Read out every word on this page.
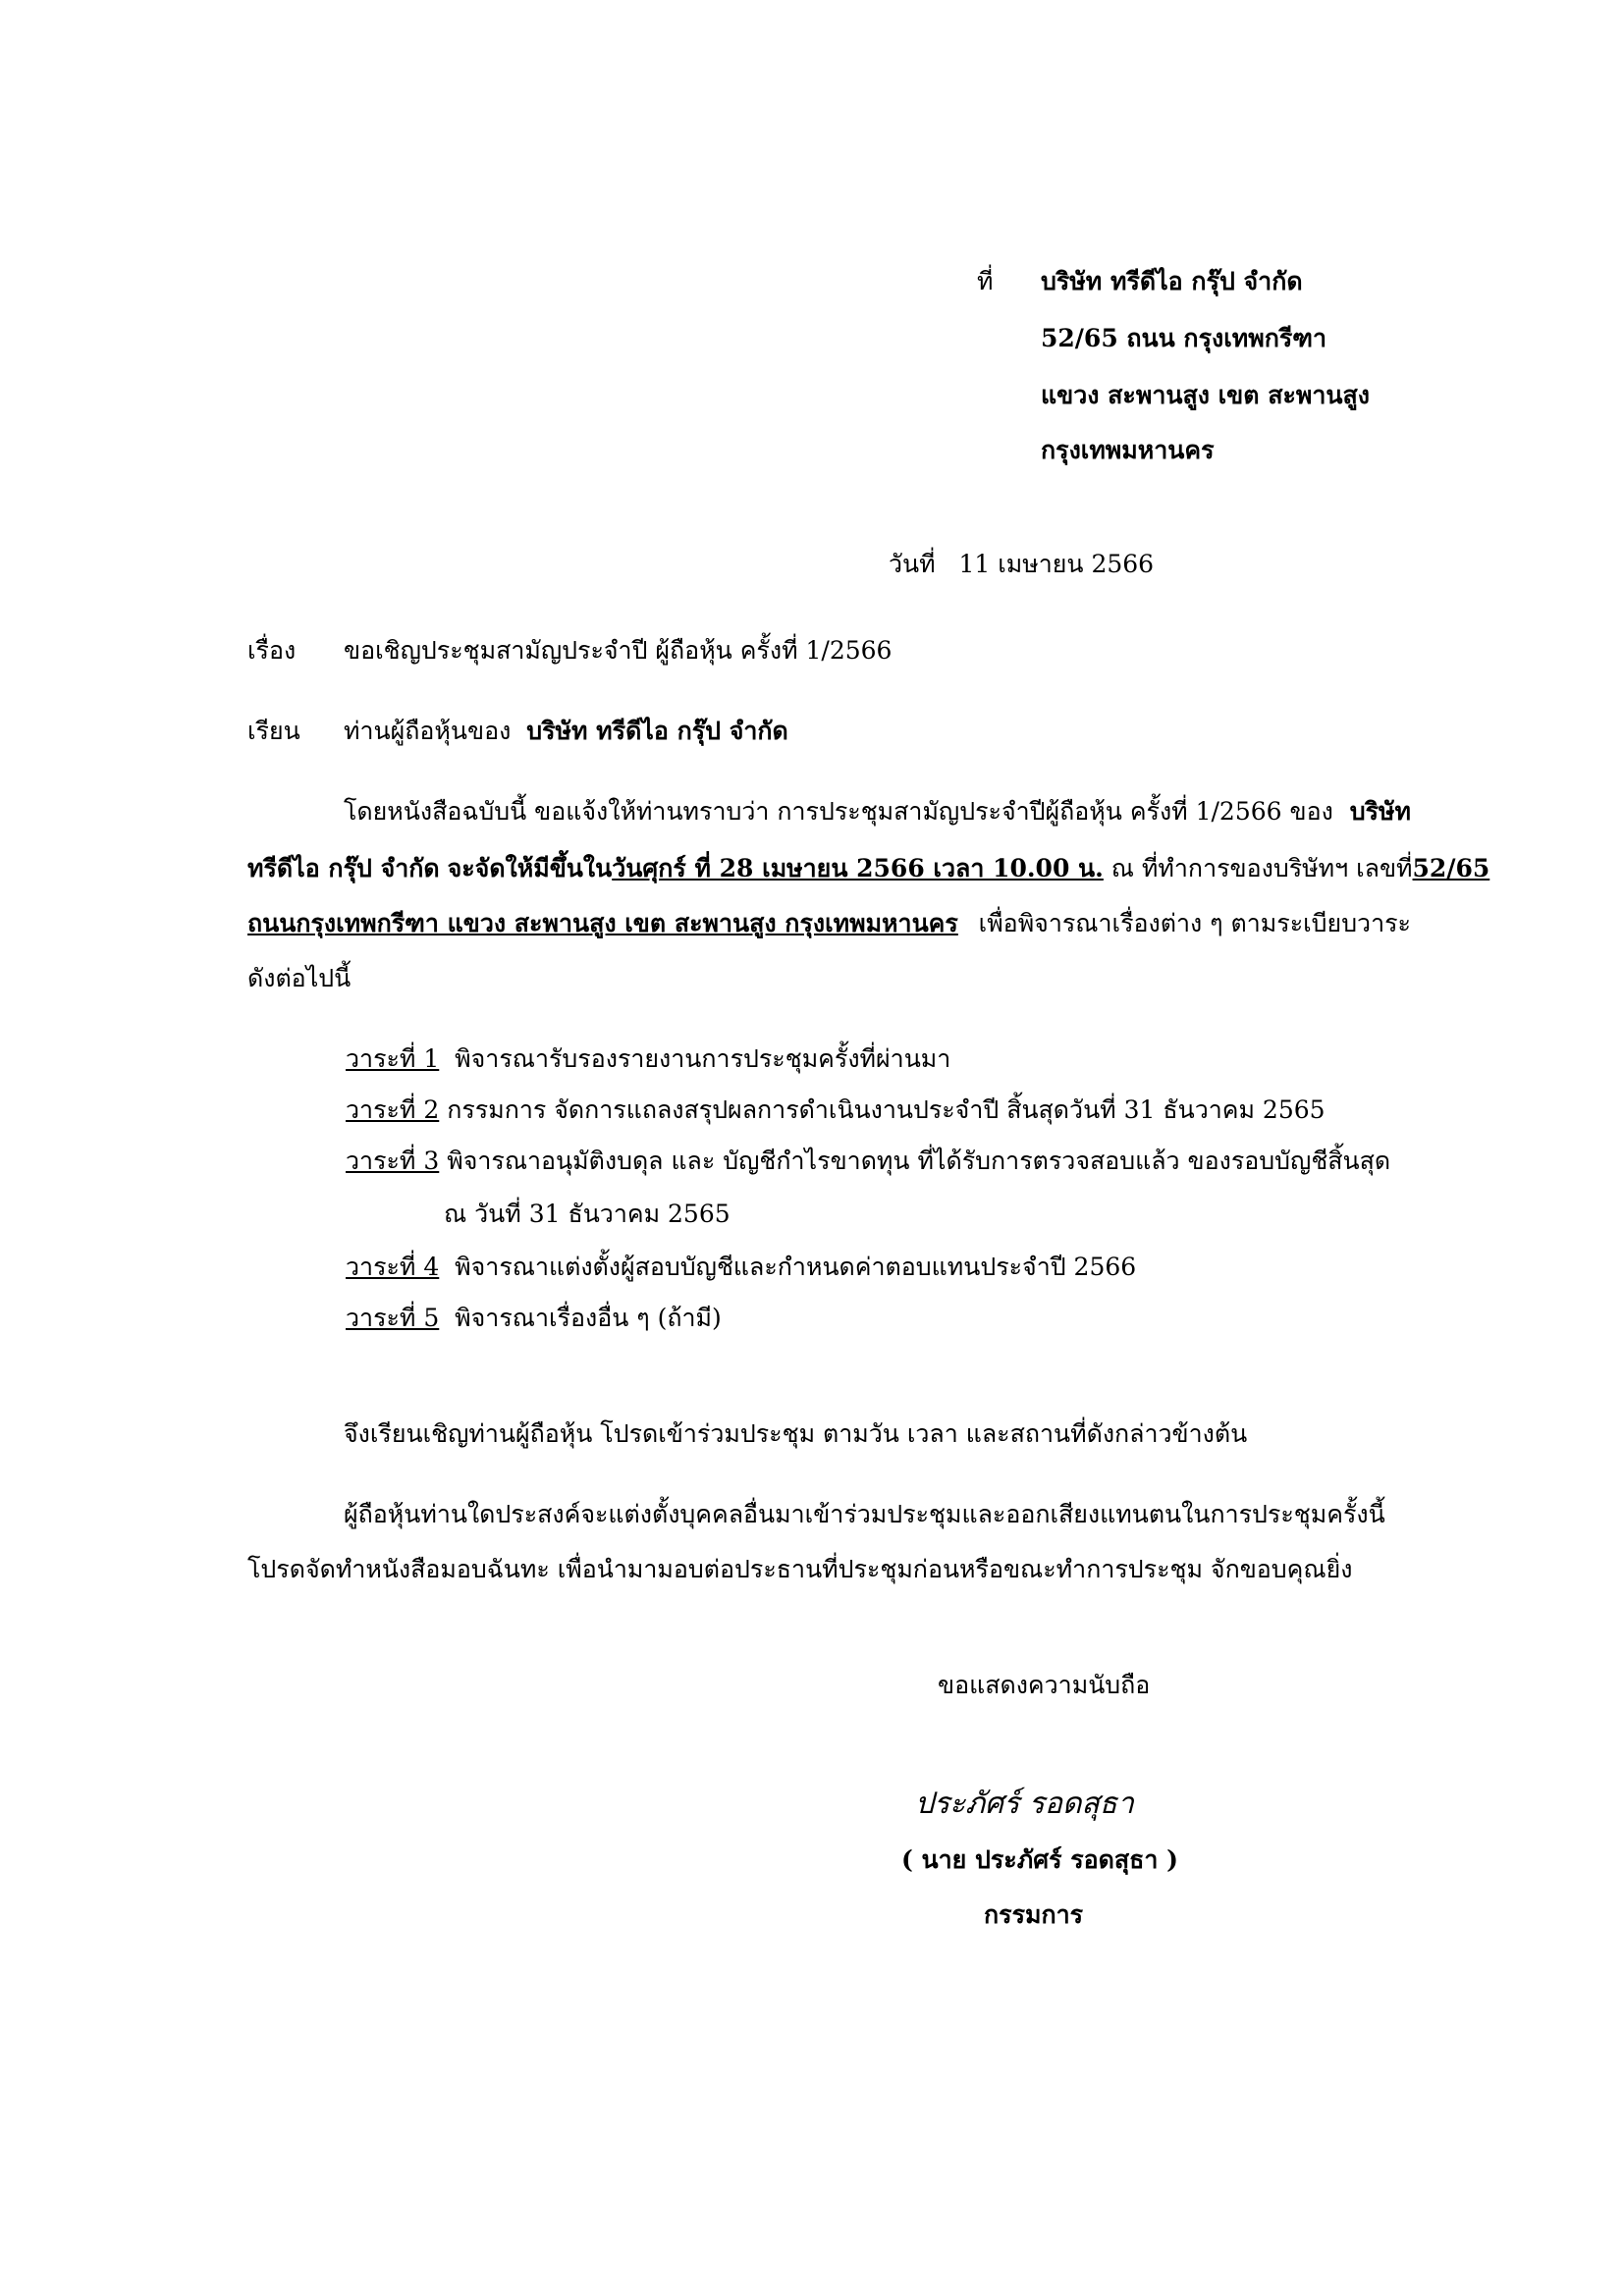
ที่ บริษัท ทรีดีไอ กรุ๊ป จำกัด
52/65 ถนน กรุงเทพกรีฑา
แขวง สะพานสูง เขต สะพานสูง
กรุงเทพมหานคร
วันที่ 11 เมษายน 2566
เรื่อง ขอเชิญประชุมสามัญประจำปี ผู้ถือหุ้น ครั้งที่ 1/2566
เรียน ท่านผู้ถือหุ้นของ บริษัท ทรีดีไอ กรุ๊ป จำกัด
โดยหนังสือฉบับนี้ ขอแจ้งให้ท่านทราบว่า การประชุมสามัญประจำปีผู้ถือหุ้น ครั้งที่ 1/2566 ของ บริษัท
ทรีดีไอ กรุ๊ป จำกัด จะจัดให้มีขึ้นในวันศุกร์ ที่ 28 เมษายน 2566 เวลา 10.00 น. ณ ที่ทำการของบริษัทฯ เลขที่ 52/65
ถนนกรุงเทพกรีฑา แขวง สะพานสูง เขต สะพานสูง กรุงเทพมหานคร เพื่อพิจารณาเรื่องต่าง ๆ ตามระเบียบวาระ
ดังต่อไปนี้
วาระที่ 1 พิจารณารับรองรายงานการประชุมครั้งที่ผ่านมา
วาระที่ 2 กรรมการ จัดการแถลงสรุปผลการดำเนินงานประจำปี สิ้นสุดวันที่ 31 ธันวาคม 2565
วาระที่ 3 พิจารณาอนุมัติงบดุล และ บัญชีกำไรขาดทุน ที่ได้รับการตรวจสอบแล้ว ของรอบบัญชีสิ้นสุด
ณ วันที่ 31 ธันวาคม 2565
วาระที่ 4 พิจารณาแต่งตั้งผู้สอบบัญชีและกำหนดค่าตอบแทนประจำปี 2566
วาระที่ 5 พิจารณาเรื่องอื่น ๆ (ถ้ามี)
จึงเรียนเชิญท่านผู้ถือหุ้น โปรดเข้าร่วมประชุม ตามวัน เวลา และสถานที่ดังกล่าวข้างต้น
ผู้ถือหุ้นท่านใดประสงค์จะแต่งตั้งบุคคลอื่นมาเข้าร่วมประชุมและออกเสียงแทนตนในการประชุมครั้งนี้
โปรดจัดทำหนังสือมอบฉันทะ เพื่อนำมามอบต่อประธานที่ประชุมก่อนหรือขณะทำการประชุม จักขอบคุณยิ่ง
ขอแสดงความนับถือ
ประภัศร์ รอดสุธา
( นาย ประภัศร์ รอดสุธา )
กรรมการ
